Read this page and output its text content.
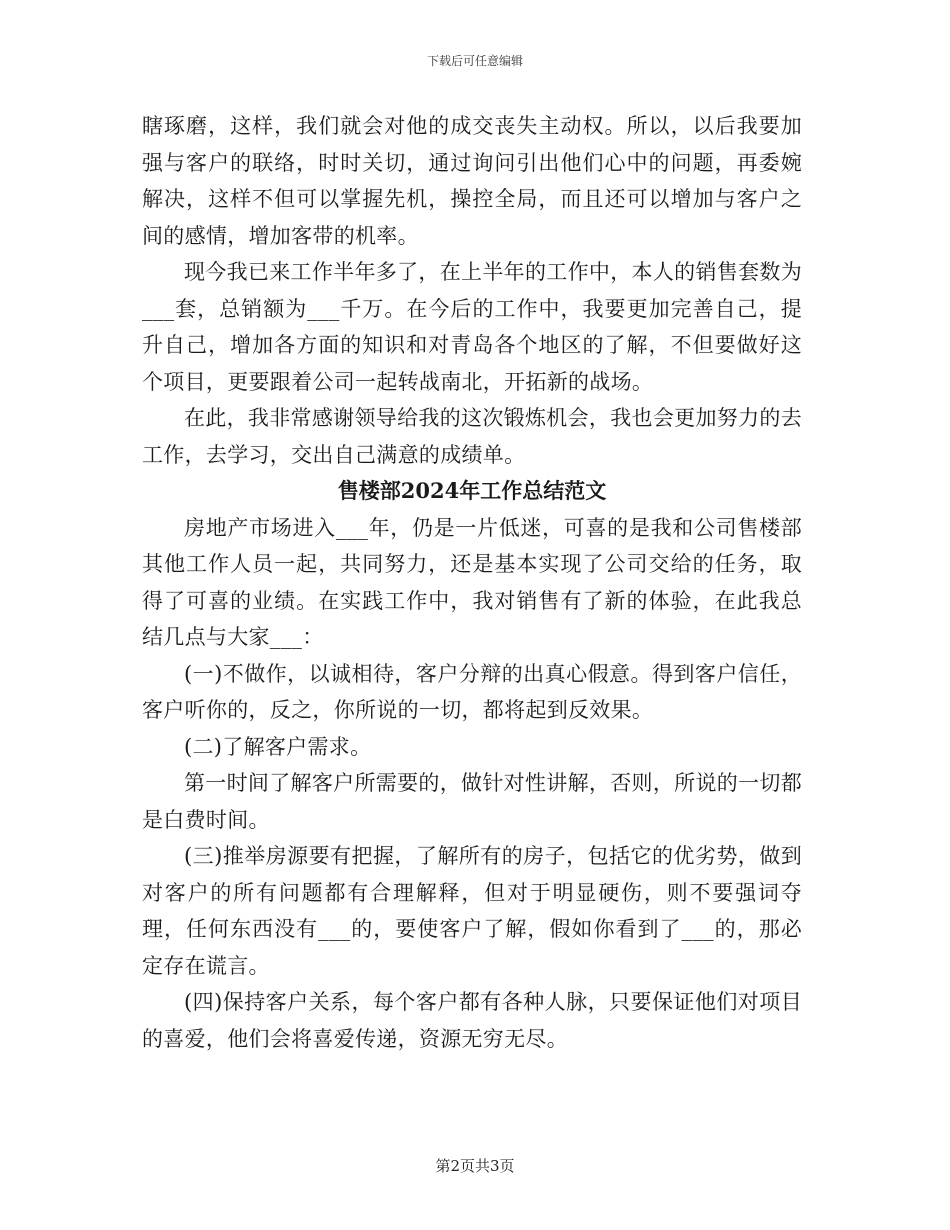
下载后可任意编辑

瞎琢磨，这样，我们就会对他的成交丧失主动权。所以，以后我要加强与客户的联络，时时关切，通过询问引出他们心中的问题，再委婉解决，这样不但可以掌握先机，操控全局，而且还可以增加与客户之间的感情，增加客带的机率。

现今我已来工作半年多了，在上半年的工作中，本人的销售套数为___套，总销额为___千万。在今后的工作中，我要更加完善自己，提升自己，增加各方面的知识和对青岛各个地区的了解，不但要做好这个项目，更要跟着公司一起转战南北，开拓新的战场。

在此，我非常感谢领导给我的这次锻炼机会，我也会更加努力的去工作，去学习，交出自己满意的成绩单。

售楼部2024年工作总结范文

房地产市场进入___年，仍是一片低迷，可喜的是我和公司售楼部其他工作人员一起，共同努力，还是基本实现了公司交给的任务，取得了可喜的业绩。在实践工作中，我对销售有了新的体验，在此我总结几点与大家___：

(一)不做作，以诚相待，客户分辩的出真心假意。得到客户信任，客户听你的，反之，你所说的一切，都将起到反效果。

(二)了解客户需求。

第一时间了解客户所需要的，做针对性讲解，否则，所说的一切都是白费时间。

(三)推举房源要有把握，了解所有的房子，包括它的优劣势，做到对客户的所有问题都有合理解释，但对于明显硬伤，则不要强词夺理，任何东西没有___的，要使客户了解，假如你看到了___的，那必定存在谎言。

(四)保持客户关系，每个客户都有各种人脉，只要保证他们对项目的喜爱，他们会将喜爱传递，资源无穷无尽。

第2页共3页
